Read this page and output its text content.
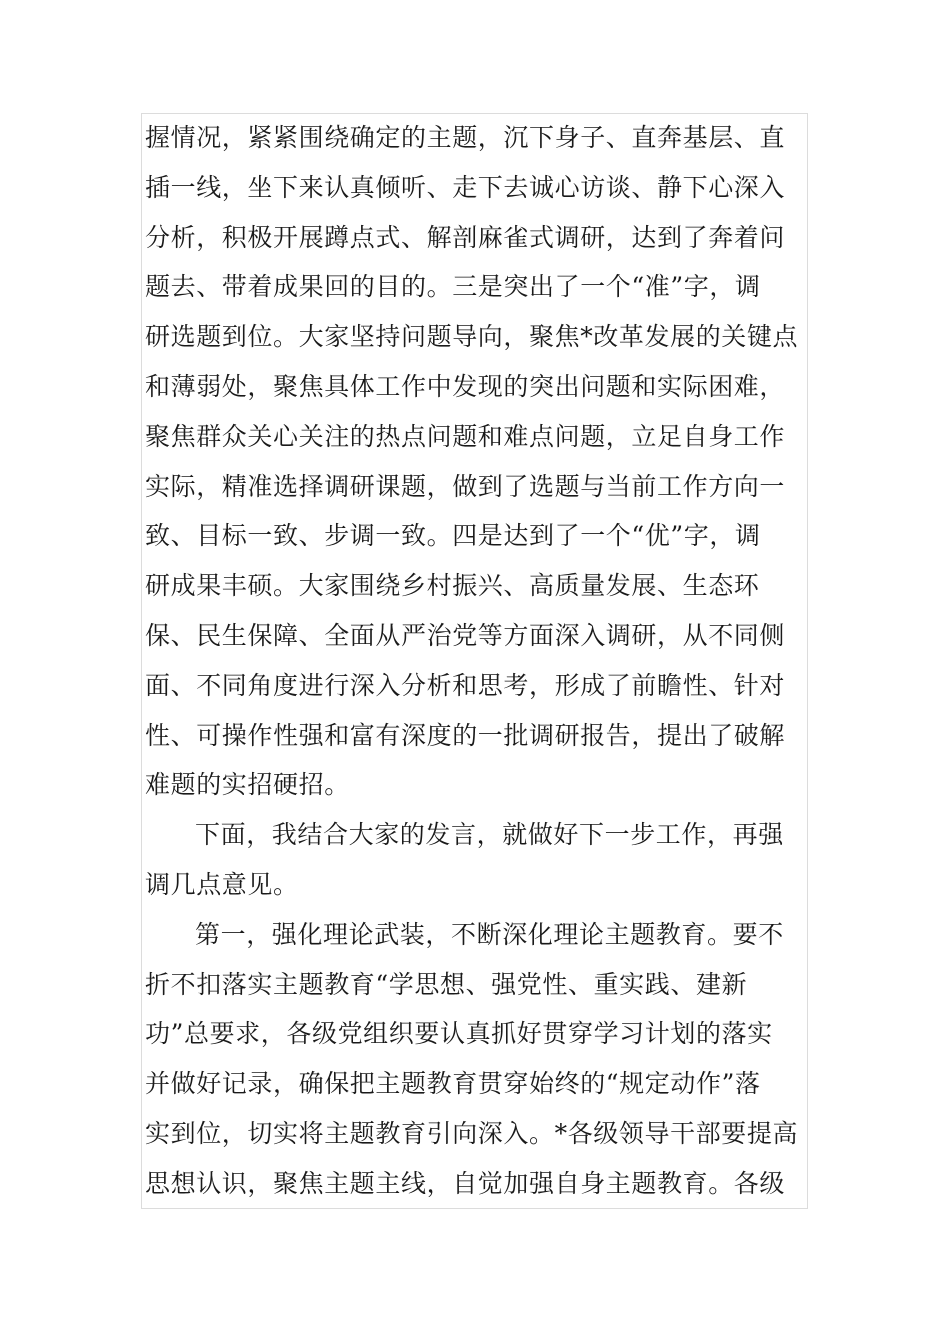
握情况，紧紧围绕确定的主题，沉下身子、直奔基层、直

插一线，坐下来认真倾听、走下去诚心访谈、静下心深入

分析，积极开展蹲点式、解剖麻雀式调研，达到了奔着问

题去、带着成果回的目的。三是突出了一个“准”字，调

研选题到位。大家坚持问题导向，聚焦*改革发展的关键点

和薄弱处，聚焦具体工作中发现的突出问题和实际困难，

聚焦群众关心关注的热点问题和难点问题，立足自身工作

实际，精准选择调研课题，做到了选题与当前工作方向一

致、目标一致、步调一致。四是达到了一个“优”字，调

研成果丰硕。大家围绕乡村振兴、高质量发展、生态环

保、民生保障、全面从严治党等方面深入调研，从不同侧

面、不同角度进行深入分析和思考，形成了前瞻性、针对

性、可操作性强和富有深度的一批调研报告，提出了破解

难题的实招硬招。

下面，我结合大家的发言，就做好下一步工作，再强

调几点意见。

第一，强化理论武装，不断深化理论主题教育。要不

折不扣落实主题教育“学思想、强党性、重实践、建新

功”总要求，各级党组织要认真抓好贯穿学习计划的落实

并做好记录，确保把主题教育贯穿始终的“规定动作”落

实到位，切实将主题教育引向深入。*各级领导干部要提高

思想认识，聚焦主题主线，自觉加强自身主题教育。各级
